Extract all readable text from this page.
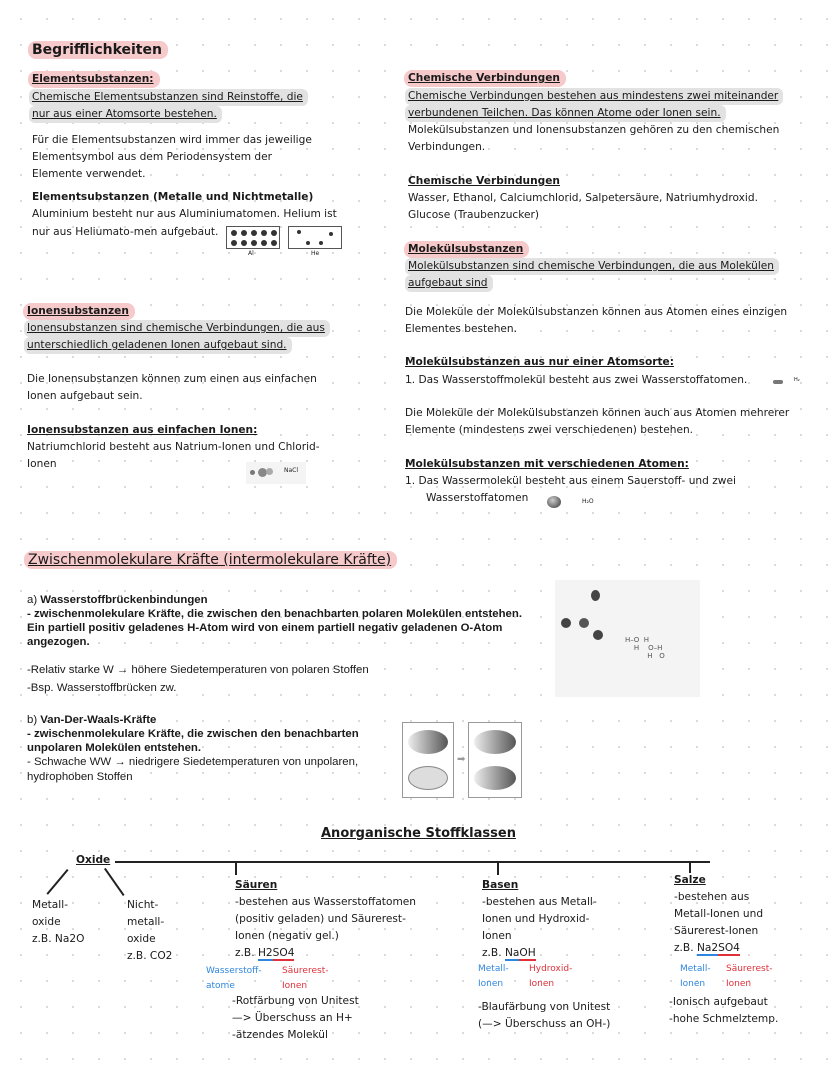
Begrifflichkeiten
Elementsubstanzen:
Chemische Elementsubstanzen sind Reinstoffe, die
nur aus einer Atomsorte bestehen.
Für die Elementsubstanzen wird immer das jeweilige
Elementsymbol aus dem Periodensystem der
Elemente verwendet.
Elementsubstanzen (Metalle und Nichtmetalle)
Aluminium besteht nur aus Aluminiumatomen. Helium ist
nur aus Heliumato-men aufgebaut.
Al	He
Ionensubstanzen
Ionensubstanzen sind chemische Verbindungen, die aus
unterschiedlich geladenen Ionen aufgebaut sind.
Die Ionensubstanzen können zum einen aus einfachen
Ionen aufgebaut sein.
Ionensubstanzen aus einfachen Ionen:
Natriumchlorid besteht aus Natrium-Ionen und Chlorid-
Ionen
NaCl
Chemische Verbindungen
Chemische Verbindungen bestehen aus mindestens zwei miteinander
verbundenen Teilchen. Das können Atome oder Ionen sein.
Molekülsubstanzen und Ionensubstanzen gehören zu den chemischen
Verbindungen.
Chemische Verbindungen
Wasser, Ethanol, Calciumchlorid, Salpetersäure, Natriumhydroxid.
Glucose (Traubenzucker)
Molekülsubstanzen
Molekülsubstanzen sind chemische Verbindungen, die aus Molekülen
aufgebaut sind
Die Moleküle der Molekülsubstanzen können aus Atomen eines einzigen
Elementes bestehen.
Molekülsubstanzen aus nur einer Atomsorte:
1. Das Wasserstoffmolekül besteht aus zwei Wasserstoffatomen.	H₂
Die Moleküle der Molekülsubstanzen können auch aus Atomen mehrerer
Elemente (mindestens zwei verschiedenen) bestehen.
Molekülsubstanzen mit verschiedenen Atomen:
1. Das Wassermolekül besteht aus einem Sauerstoff- und zwei
Wasserstoffatomen	H₂O
Zwischenmolekulare Kräfte (intermolekulare Kräfte)
a) Wasserstoffbrückenbindungen
- zwischenmolekulare Kräfte, die zwischen den benachbarten polaren Molekülen entstehen.
Ein partiell positiv geladenes H-Atom wird von einem partiell negativ geladenen O-Atom
angezogen.
-Relativ starke W → höhere Siedetemperaturen von polaren Stoffen
-Bsp. Wasserstoffbrücken zw.
H–O  H
H    O–H
H   O
b) Van-Der-Waals-Kräfte
- zwischenmolekulare Kräfte, die zwischen den benachbarten
unpolaren Molekülen entstehen.
- Schwache WW → niedrigere Siedetemperaturen von unpolaren,
hydrophoben Stoffen
➡
Anorganische Stoffklassen
Oxide
Metall-
oxide
z.B. Na2O
Nicht-
metall-
oxide
z.B. CO2
Säuren
-bestehen aus Wasserstoffatomen
(positiv geladen) und Säurerest-
Ionen (negativ gel.)
z.B. H2SO4
Wasserstoff-
atome
Säurerest-
Ionen
-Rotfärbung von Unitest
—> Überschuss an H+
-ätzendes Molekül
Basen
-bestehen aus Metall-
Ionen und Hydroxid-
Ionen
z.B. NaOH
Metall-
Ionen
Hydroxid-
Ionen
-Blaufärbung von Unitest
(—> Überschuss an OH-)
Salze
-bestehen aus
Metall-Ionen und
Säurerest-Ionen
z.B. Na2SO4
Metall-
Ionen
Säurerest-
Ionen
-Ionisch aufgebaut
-hohe Schmelztemp.
